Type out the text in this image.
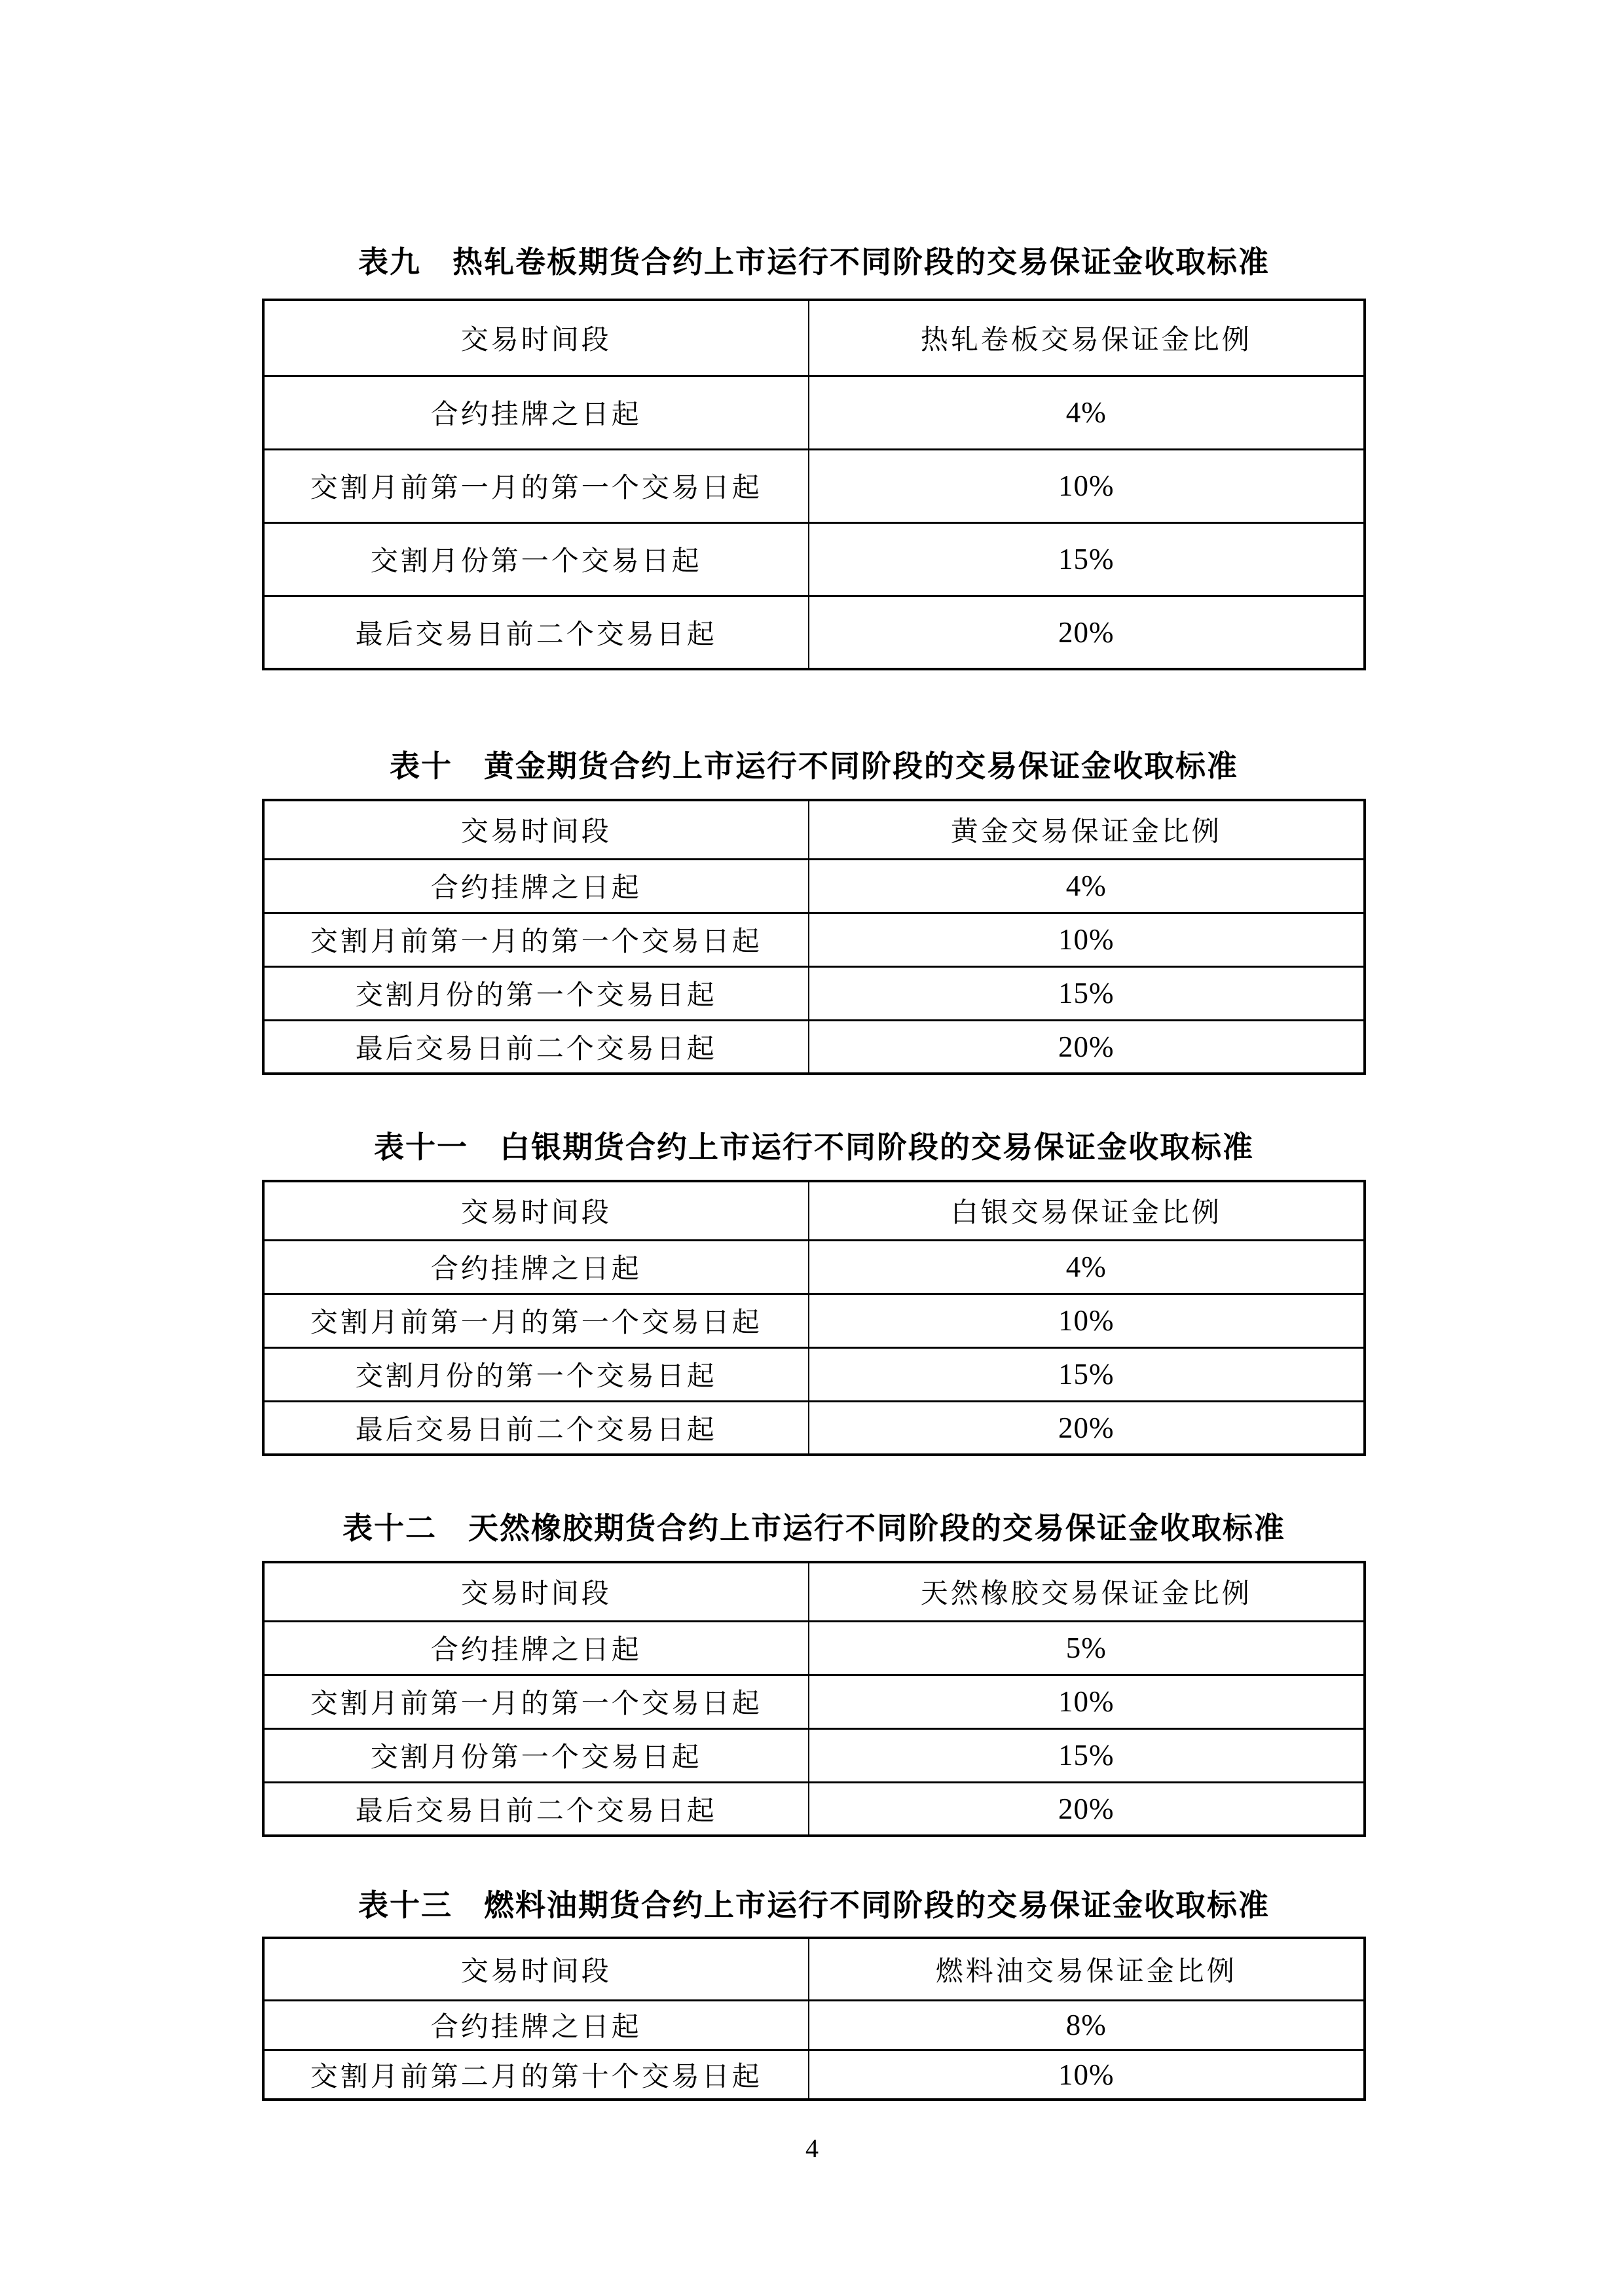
表九　热轧卷板期货合约上市运行不同阶段的交易保证金收取标准
交易时间段	热轧卷板交易保证金比例
合约挂牌之日起	4%
交割月前第一月的第一个交易日起	10%
交割月份第一个交易日起	15%
最后交易日前二个交易日起	20%
表十　黄金期货合约上市运行不同阶段的交易保证金收取标准
交易时间段	黄金交易保证金比例
合约挂牌之日起	4%
交割月前第一月的第一个交易日起	10%
交割月份的第一个交易日起	15%
最后交易日前二个交易日起	20%
表十一　白银期货合约上市运行不同阶段的交易保证金收取标准
交易时间段	白银交易保证金比例
合约挂牌之日起	4%
交割月前第一月的第一个交易日起	10%
交割月份的第一个交易日起	15%
最后交易日前二个交易日起	20%
表十二　天然橡胶期货合约上市运行不同阶段的交易保证金收取标准
交易时间段	天然橡胶交易保证金比例
合约挂牌之日起	5%
交割月前第一月的第一个交易日起	10%
交割月份第一个交易日起	15%
最后交易日前二个交易日起	20%
表十三　燃料油期货合约上市运行不同阶段的交易保证金收取标准
交易时间段	燃料油交易保证金比例
合约挂牌之日起	8%
交割月前第二月的第十个交易日起	10%
4
